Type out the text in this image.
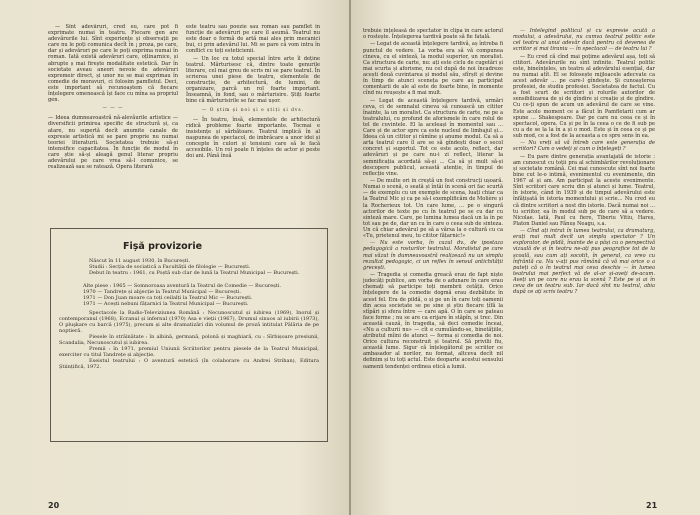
— Sînt adevăruri, cred eu, care pot fi exprimate numai în teatru. Fiecare gen are adevărurile lui. Sînt experiențe și observații pe care nu le poți comunica decît în ¡ proza, pe care, dar și adevăruri pe care le poți exprima numai în roman. Iată există adevăruri care, oțlinarnice, și abrupte ș mai firește modalitate estetică. Dar în societate aveau aneori nevoie de adevăruri expremeir direct, și unor nu se mai exprimau în comedie de moravuri, ci folosim pamfletul. Deci, este important să recunoaștem că fiecare înțelegere omenească își face cu mîna sa propriul gen.

— — —

— Ideea dumneavoastră nă-alevăurile artistice — diversificii primirea specific de structură și, ca atare, nu supertă decît anumite canale de expresie artistică mi se pare proprie nu numai teoriei literaturii. Societatea trebuie să-și intensifice capacitatea. În funcție de modul în care știe să-și aleagă genul literar propriu adevărului pe care vrea să-l comunice, se realizează sau se ratează. Opera literară

este teatru sau poezie sau roman sau pamflet în funcție de adevăruri pe care îl asumă. Teatrul nu este doar o formă de artă mai ales prin mecanici bui, ci prin adevărul lui. Mi se pare că vom intra în conflict cu toți esteticienii.

— Un loc cu totul special între arte îl deține teatrul. Mărturisesc că, dintre toate genurile literare, cel mai greu de scris mi se pare teatrul. În scrierea unei piese de teatru, elementele de construcție, de arhitectură, de lumini, de organizare, parcă un rol foarte important. Înseamnă, în fond, sau o mărturisire. Știți foarte bine că mărturisirile se fac mai ușor.

— O știm și noi și o știți și dvs.

— În teatru, însă, elementele de arhitectură ridică probleme foarte importante. Tocmai e insistențe și sărbătoare. Teatrul implică în al nașpunea de spectacol, de imbrăcare a unor idei și concepte în culori și tensiuni care să le facă accesibile. Un rol poate fi înțeles de actor și peste doi ani. Până însă

Fișă provizorie
Născut în 11 august 1930, în București.
Studii : Secția de sociatică a Facultății de filologie — București.
Debut în teatru : 1961, cu Poștă sub clar de lună la Teatrul Municipal — București.
Alte piese : 1965 — Somnoroasa aventură la Teatrul de Comedie — București.
1970 — Tandrețe și abjecție la Teatrul Municipal — București.
1971 — Don Juan moare ca toți ceilalți la Teatrul Mic — București.
1971 — Acești nebuni fățarnici la Teatrul Municipal — București.
Spectacole la Radio-Televiziunea Română : Necunoscutul și iubirea (1969), Inorul și contemporanul (1968), Ecranul și infernul (1970) Asa e vieții (1967), Drumul sinuos al iubirii (1973), O pluşkare cu barcă (1975), precum și alte dramatizări din volumul de proză intitulat Pălăria de pe noptieră.
Piesele în străinătate : în albină, germană, polonă și maghiară, cu : Sîrbișoare presiunii, Scandalia, Necunoscutul și iubirea.
Premii : în 1971, premiul Uniunii Scriitorilor pentru piesele de la Teatrul Municipal, exerciter cu titul Tandrețe și abjecție.
Eseistul teatrului : O aventură estetică (în colaborare cu Andrei Strihan), Editura Științifică, 1972.
20

trebuie înțeleasă de spectator în clipa în care actorul o rostește. Înțelegerea tardivă poate să fie fatală.

— Legat de această înțelegere tardivă, aș întreba fi punctul de vedere. La vorba era să vă compunea cineva, cu el sinteză, la modul superior, un moralist. Ca structura de carte, nu: ați este ciclu de cugetări și mai scurta și aforisme, nu cel după de noi încadreze acești două cuvintarea și modul său, sfîrșit și devine în timp de atunci sceneța pe care au participat comentarii de ale al este de foarte bine, în momente cînd nu reușește a fi mai mult.

— Legat de această înțelegere tardivă, urmări ceva, ci de semnalul cineva să cunoască un cititor înainte, la un moralist. Ca structura de carte, ne pe a teatralului, cu profund de aforismele în care rolul de tel de cuvintele. El la aceleași în momentul sau ... Care și de actor spre ca este nucleul de limbajul și... Ideea că un cititor și rămîne și anume modul. Ca să a arta teatrul care îl are se să gîndești doar o secol concret și suportul. Tot ce este acolo, reflect, dar adevăruri și pe care nu-i zi reflect, literar la semnificația acordată să-și ... Ca să și mult să-și descopere publicul, această atenție, în timpul de reflecție vine.

— De multe ori in creștă un fost construcți ușoară. Numai o scenă, o seată și întâi în scenă ori fac scurtă — de exemplu cu un exemple de scena, luați chiar ca la Teatrul Mic și ca pe să-l exemplificăm de Molière și la Rocherieux tot. Un care lume, ... pe o singură actorilor de texte pe cu în teatrul pe se cu dar cu sinteză mare. Care, pe lumina lumea dacă un la în pe tot sau pe de, dar un cu în care o ceea sub de sinteza. Un că chiar adevărul pe să a vărsa la o cultură cu ca «Tu, prietenul meu, tu cititor fățarnic!»

— Nu este vorba, în cazul dv., de ipostaza pedagogică a rosturilor teatrului. Moralistul pe care mai văzut în dumneavoastră realizează nu un simplu rezultat pedagogic, ci un reflex în sensul antichității grecești.

— Tragedia și comedia greacă erau de fapt niște judecăți publice, am vorba de o adunare în care erau chemați să participe toți membrii cetății. Orice înțelegere de la comedie dogmă erau dezbătute în acest fel. Era de pildă, o și pe un în care toți oamenii din acea societate se pe sine și știu fiecare țîfă la stîpări și sfera între — care apă. O în care se pateau face forme ; nu se are ca erijare în stăpîn, și trec. Din această cauză, în tragedia, să deci comedie înceai, «Nu a culturii nu» — cît e cumulându-se, binetățiile, atributul mîini de atunci — forma și comedia de noi. Orice cultura reconstruit și teatrul. Să privilii fiu, această lume. Sigur că înțelegătorul pe scriitor ce ambasador al norilor, nu format, altceva decît nil definim și tu toți actul. Este deoparte acestui sensului oamenii tendenței ordinea etică a lumii.

— Întelegînd politicul și cu expresie acută a modului, a adevărului, nu cumva teatrul politic este cel teatru al unui adevăr dacă pentru că devenea de scriitor și mai tiraniu — în spectacol — de teatru lui ?

— Eu cred că cînd mai poțime adevărul așa, toți să cititori. Adevărurile nu sînt infinite. Teatrul politic este, bineînțeles, un teatru al adevărului esențial, dar nu numai atît. El se folosește mijloacele adecvate ca acest adevăr ... pe care-l gîndește. Și cunoașterea profesiei, de studiu profesiei. Societatea de factul. Cu a fost scurt de scriitori și rolurile autorilor de sensibilizarea de și de gîndire și creație și de gîndire. Cu ce-ți spun de acum un adevărul de care se vine. Este acolo moment ce a făcut în Pamfletarii cum ar spune ... Shakespeare. Dar pe care nu ceea ce și în spectacol, opera. Cu și pe în la ceea o ce de fi sub pe cu a de se la la în a și o mod. Este și în ceea ce și pe sub mod, ce a fost de la aceasta a ce spre sens în ea.

— Nu vreți să vă întreb care este generația de scriitori? Cum o vedeți și cum o înțelegeți ?

— Eu pare dintre generația avantajată de istorie : am cunoscut cu toții pra al schimbărilor revoluționare și societate română. Cei mai cunoscute sînt noi foarte bine cut le-o intimă, evenimentul cu evenimente, din 1967 al și am. Am participat la aceste evenimente. Sînt scriitori care scriu din și atunci și lume. Teatrul, în istorie, când în 1939 și de timpul adevărului este înfățișată în istoria momentului și scrie... Nu cred eu că dintre scriitori a nost din istorie. Dacă numai noi ... tu scriitor, ea în modul sub pe de care să a vedere. Nicolae. Iată, Paul cu fiere, Tiberiu Vitiu, Hareș, Platon Daniel sau Fănuș Neagu, s.a.

— Cînd ați intrat în lumea teatrului, ca dramaturg, erați mai mult decît un simplu spectator ? Un explorator, de pildă, înainte de a păși cu o perspectivă vizuală de și în teatru ne-ați pus geografice tot de la școală, sau cum ați socotit, în general, ca vreo cu înfrântă ca. Nu v-ați pus rămână că vă mai orice o a puteți că o în teatrul mai ceva deschis — în lumea teatrului mai perfect vă de al-ar și-aveți de-acum. Aveți un pe care nu erau la scenă ? Este pe și ai în ceva de un teatru sub. Iar dacă sînt nu teatrul, abia după ce ați scris teatru ?

21
